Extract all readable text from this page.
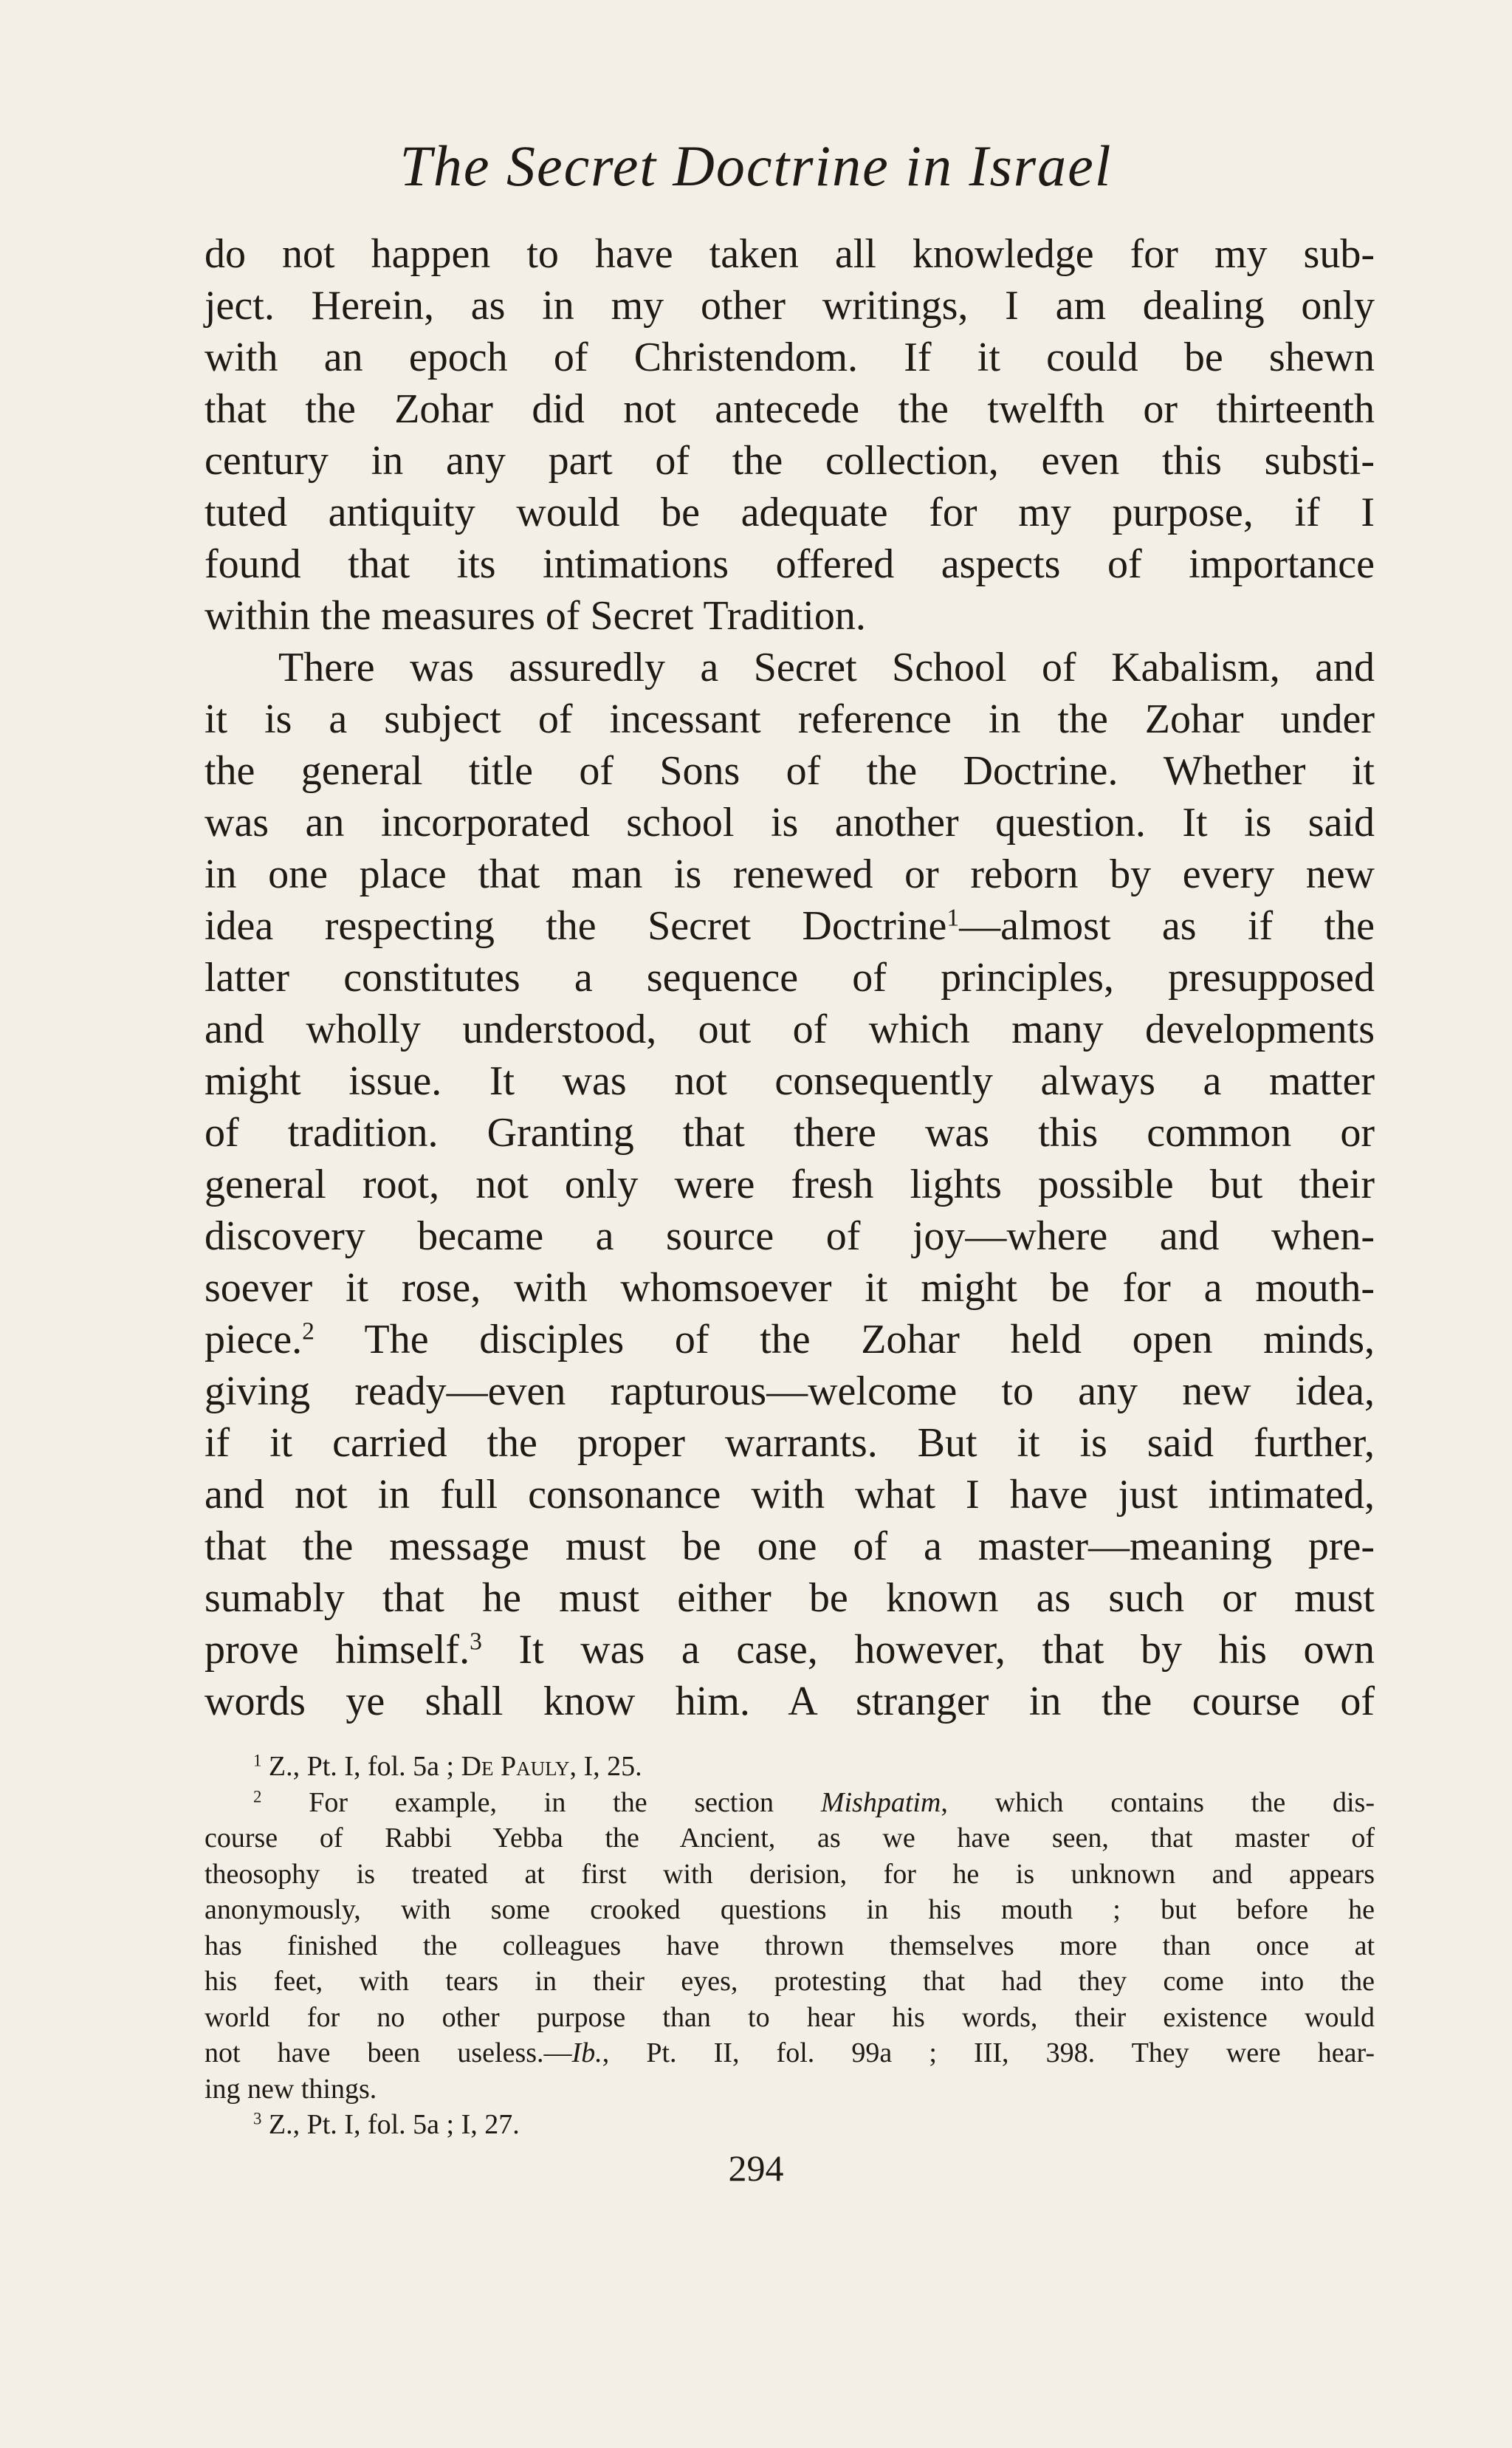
The Secret Doctrine in Israel
do not happen to have taken all knowledge for my sub-
ject. Herein, as in my other writings, I am dealing only
with an epoch of Christendom. If it could be shewn
that the Zohar did not antecede the twelfth or thirteenth
century in any part of the collection, even this substi-
tuted antiquity would be adequate for my purpose, if I
found that its intimations offered aspects of importance
within the measures of Secret Tradition.
There was assuredly a Secret School of Kabalism, and
it is a subject of incessant reference in the Zohar under
the general title of Sons of the Doctrine. Whether it
was an incorporated school is another question. It is said
in one place that man is renewed or reborn by every new
idea respecting the Secret Doctrine$^1$—almost as if the
latter constitutes a sequence of principles, presupposed
and wholly understood, out of which many developments
might issue. It was not consequently always a matter
of tradition. Granting that there was this common or
general root, not only were fresh lights possible but their
discovery became a source of joy—where and when-
soever it rose, with whomsoever it might be for a mouth-
piece.$^2$ The disciples of the Zohar held open minds,
giving ready—even rapturous—welcome to any new idea,
if it carried the proper warrants. But it is said further,
and not in full consonance with what I have just intimated,
that the message must be one of a master—meaning pre-
sumably that he must either be known as such or must
prove himself.$^3$ It was a case, however, that by his own
words ye shall know him. A stranger in the course of
$^1$ Z., Pt. I, fol. 5a ; De Pauly, I, 25.
$^2$ For example, in the section Mishpatim, which contains the dis-
course of Rabbi Yebba the Ancient, as we have seen, that master of
theosophy is treated at first with derision, for he is unknown and appears
anonymously, with some crooked questions in his mouth ; but before he
has finished the colleagues have thrown themselves more than once at
his feet, with tears in their eyes, protesting that had they come into the
world for no other purpose than to hear his words, their existence would
not have been useless.—Ib., Pt. II, fol. 99a ; III, 398. They were hear-
ing new things.
$^3$ Z., Pt. I, fol. 5a ; I, 27.
294
